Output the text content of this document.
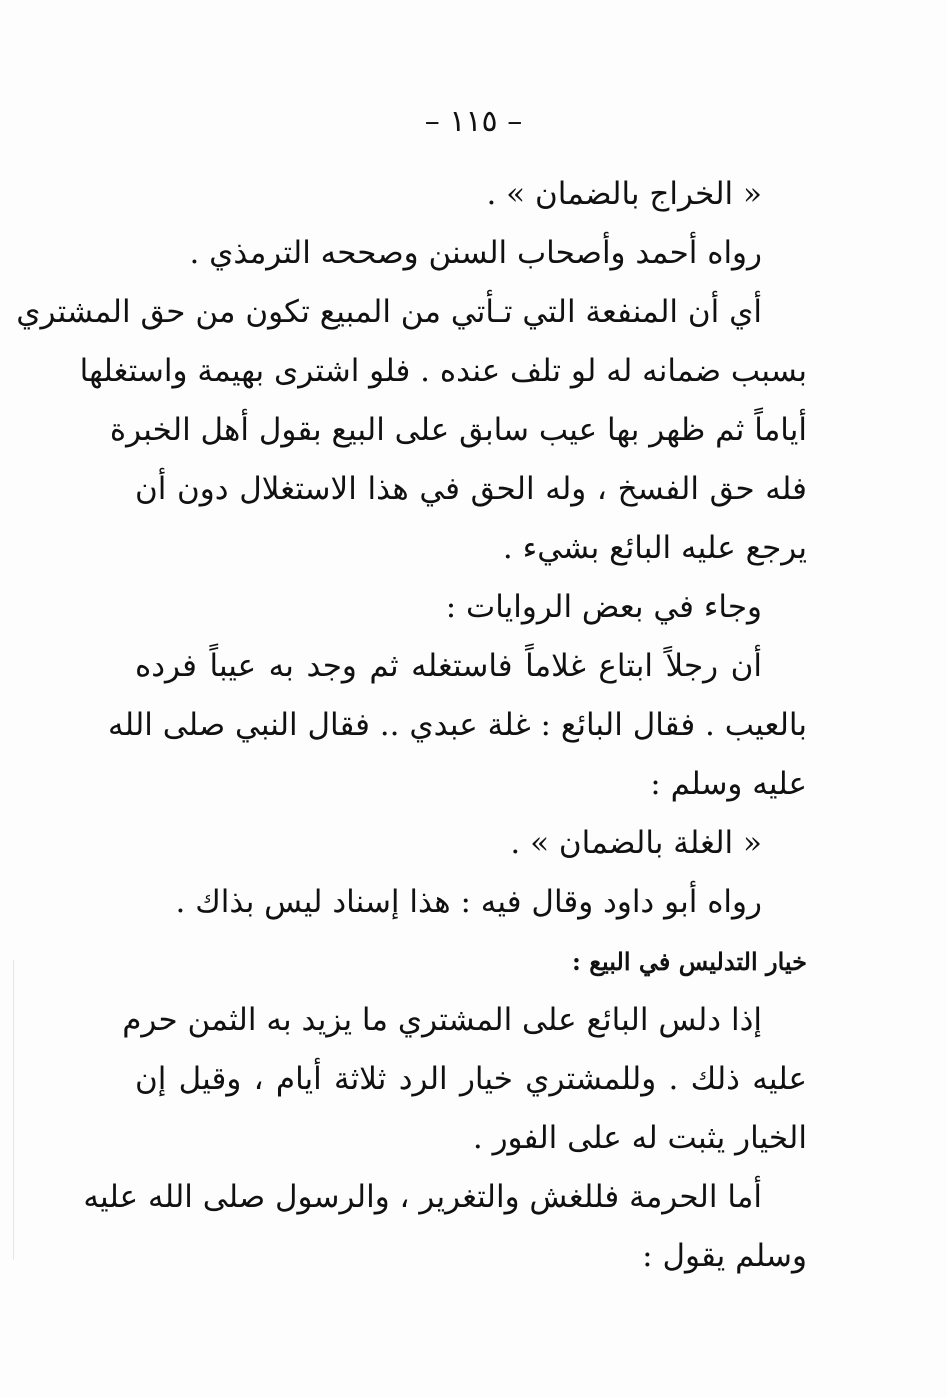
– ١١٥ –
« الخراج بالضمان » .
رواه أحمد وأصحاب السنن وصححه الترمذي .
أي أن المنفعة التي تـأتي من المبيع تكون من حق المشتري
بسبب ضمانه له لو تلف عنده . فلو اشترى بهيمة واستغلها
أياماً ثم ظهر بها عيب سابق على البيع بقول أهل الخبرة
فله حق الفسخ ، وله الحق في هذا الاستغلال دون أن
يرجع عليه البائع بشيء .
وجاء في بعض الروايات :
أن رجلاً ابتاع غلاماً فاستغله ثم وجد به عيباً فرده
بالعيب . فقال البائع : غلة عبدي .. فقال النبي صلى الله
عليه وسلم :
« الغلة بالضمان » .
رواه أبو داود وقال فيه : هذا إسناد ليس بذاك .
خيار التدليس في البيع :
إذا دلس البائع على المشتري ما يزيد به الثمن حرم
عليه ذلك . وللمشتري خيار الرد ثلاثة أيام ، وقيل إن
الخيار يثبت له على الفور .
أما الحرمة فللغش والتغرير ، والرسول صلى الله عليه
وسلم يقول :
